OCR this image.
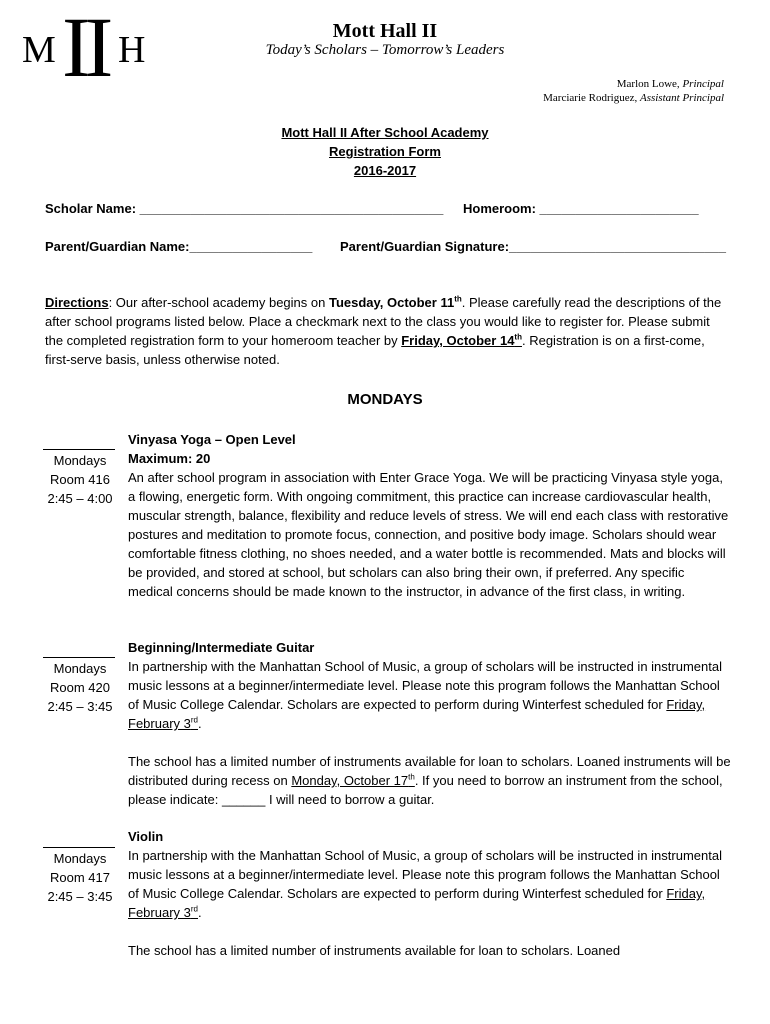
M II H	Mott Hall II
Today’s Scholars – Tomorrow’s Leaders
Marlon Lowe, Principal
Marciarie Rodriguez, Assistant Principal
Mott Hall II After School Academy
Registration Form
2016-2017
Scholar Name: __________________________________________ Homeroom: ______________________
Parent/Guardian Name:_________________ Parent/Guardian Signature:______________________________
Directions: Our after-school academy begins on Tuesday, October 11th. Please carefully read the descriptions of the after school programs listed below. Place a checkmark next to the class you would like to register for. Please submit the completed registration form to your homeroom teacher by Friday, October 14th. Registration is on a first-come, first-serve basis, unless otherwise noted.
MONDAYS
Mondays
Room 416
2:45 – 4:00
Vinyasa Yoga – Open Level
Maximum: 20
An after school program in association with Enter Grace Yoga. We will be practicing Vinyasa style yoga, a flowing, energetic form. With ongoing commitment, this practice can increase cardiovascular health, muscular strength, balance, flexibility and reduce levels of stress. We will end each class with restorative postures and meditation to promote focus, connection, and positive body image. Scholars should wear comfortable fitness clothing, no shoes needed, and a water bottle is recommended. Mats and blocks will be provided, and stored at school, but scholars can also bring their own, if preferred. Any specific medical concerns should be made known to the instructor, in advance of the first class, in writing.
Mondays
Room 420
2:45 – 3:45
Beginning/Intermediate Guitar
In partnership with the Manhattan School of Music, a group of scholars will be instructed in instrumental music lessons at a beginner/intermediate level. Please note this program follows the Manhattan School of Music College Calendar. Scholars are expected to perform during Winterfest scheduled for Friday, February 3rd.
The school has a limited number of instruments available for loan to scholars. Loaned instruments will be distributed during recess on Monday, October 17th. If you need to borrow an instrument from the school, please indicate: ______ I will need to borrow a guitar.
Mondays
Room 417
2:45 – 3:45
Violin
In partnership with the Manhattan School of Music, a group of scholars will be instructed in instrumental music lessons at a beginner/intermediate level. Please note this program follows the Manhattan School of Music College Calendar. Scholars are expected to perform during Winterfest scheduled for Friday, February 3rd.
The school has a limited number of instruments available for loan to scholars. Loaned
